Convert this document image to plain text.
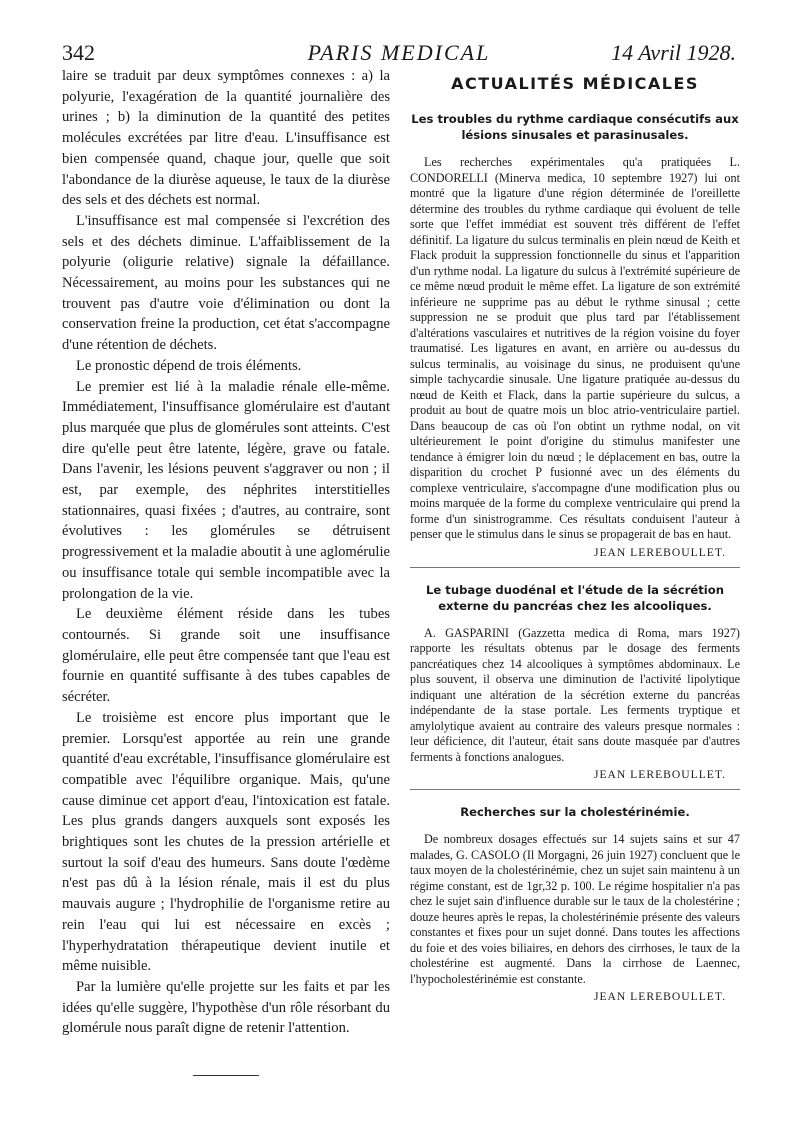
342	PARIS MEDICAL	14 Avril 1928.

laire se traduit par deux symptômes connexes : a) la polyurie, l'exagération de la quantité journalière des urines ; b) la diminution de la quantité des petites molécules excrétées par litre d'eau. L'insuffisance est bien compensée quand, chaque jour, quelle que soit l'abondance de la diurèse aqueuse, le taux de la diurèse des sels et des déchets est normal.

L'insuffisance est mal compensée si l'excrétion des sels et des déchets diminue. L'affaiblissement de la polyurie (oligurie relative) signale la défaillance. Nécessairement, au moins pour les substances qui ne trouvent pas d'autre voie d'élimination ou dont la conservation freine la production, cet état s'accompagne d'une rétention de déchets.

Le pronostic dépend de trois éléments.

Le premier est lié à la maladie rénale elle-même. Immédiatement, l'insuffisance glomérulaire est d'autant plus marquée que plus de glomérules sont atteints. C'est dire qu'elle peut être latente, légère, grave ou fatale. Dans l'avenir, les lésions peuvent s'aggraver ou non ; il est, par exemple, des néphrites interstitielles stationnaires, quasi fixées ; d'autres, au contraire, sont évolutives : les glomérules se détruisent progressivement et la maladie aboutit à une aglomérulie ou insuffisance totale qui semble incompatible avec la prolongation de la vie.

Le deuxième élément réside dans les tubes contournés. Si grande soit une insuffisance glomérulaire, elle peut être compensée tant que l'eau est fournie en quantité suffisante à des tubes capables de sécréter.

Le troisième est encore plus important que le premier. Lorsqu'est apportée au rein une grande quantité d'eau excrétable, l'insuffisance glomérulaire est compatible avec l'équilibre organique. Mais, qu'une cause diminue cet apport d'eau, l'intoxication est fatale. Les plus grands dangers auxquels sont exposés les brightiques sont les chutes de la pression artérielle et surtout la soif d'eau des humeurs. Sans doute l'œdème n'est pas dû à la lésion rénale, mais il est du plus mauvais augure ; l'hydrophilie de l'organisme retire au rein l'eau qui lui est nécessaire en excès ; l'hyperhydratation thérapeutique devient inutile et même nuisible.

Par la lumière qu'elle projette sur les faits et par les idées qu'elle suggère, l'hypothèse d'un rôle résorbant du glomérule nous paraît digne de retenir l'attention.

ACTUALITÉS MÉDICALES
Les troubles du rythme cardiaque consécutifs aux lésions sinusales et parasinusales.

Les recherches expérimentales qu'a pratiquées L. CONDORELLI (Minerva medica, 10 septembre 1927) lui ont montré que la ligature d'une région déterminée de l'oreillette détermine des troubles du rythme cardiaque qui évoluent de telle sorte que l'effet immédiat est souvent très différent de l'effet définitif. La ligature du sulcus terminalis en plein nœud de Keith et Flack produit la suppression fonctionnelle du sinus et l'apparition d'un rythme nodal. La ligature du sulcus à l'extrémité supérieure de ce même nœud produit le même effet. La ligature de son extrémité inférieure ne supprime pas au début le rythme sinusal ; cette suppression ne se produit que plus tard par l'établissement d'altérations vasculaires et nutritives de la région voisine du foyer traumatisé. Les ligatures en avant, en arrière ou au-dessus du sulcus terminalis, au voisinage du sinus, ne produisent qu'une simple tachycardie sinusale. Une ligature pratiquée au-dessus du nœud de Keith et Flack, dans la partie supérieure du sulcus, a produit au bout de quatre mois un bloc atrio-ventriculaire partiel. Dans beaucoup de cas où l'on obtint un rythme nodal, on vit ultérieurement le point d'origine du stimulus manifester une tendance à émigrer loin du nœud ; le déplacement en bas, outre la disparition du crochet P fusionné avec un des éléments du complexe ventriculaire, s'accompagne d'une modification plus ou moins marquée de la forme du complexe ventriculaire qui prend la forme d'un sinistrogramme. Ces résultats conduisent l'auteur à penser que le stimulus dans le sinus se propagerait de bas en haut.

JEAN LEREBOULLET.
Le tubage duodénal et l'étude de la sécrétion externe du pancréas chez les alcooliques.

A. GASPARINI (Gazzetta medica di Roma, mars 1927) rapporte les résultats obtenus par le dosage des ferments pancréatiques chez 14 alcooliques à symptômes abdominaux. Le plus souvent, il observa une diminution de l'activité lipolytique indiquant une altération de la sécrétion externe du pancréas indépendante de la stase portale. Les ferments tryptique et amylolytique avaient au contraire des valeurs presque normales : leur déficience, dit l'auteur, était sans doute masquée par d'autres ferments à fonctions analogues.

JEAN LEREBOULLET.
Recherches sur la cholestérinémie.

De nombreux dosages effectués sur 14 sujets sains et sur 47 malades, G. CASOLO (Il Morgagni, 26 juin 1927) concluent que le taux moyen de la cholestérinémie, chez un sujet sain maintenu à un régime constant, est de 1gr,32 p. 100. Le régime hospitalier n'a pas chez le sujet sain d'influence durable sur le taux de la cholestérine ; douze heures après le repas, la cholestérinémie présente des valeurs constantes et fixes pour un sujet donné. Dans toutes les affections du foie et des voies biliaires, en dehors des cirrhoses, le taux de la cholestérine est augmenté. Dans la cirrhose de Laennec, l'hypocholestérinémie est constante.

JEAN LEREBOULLET.
